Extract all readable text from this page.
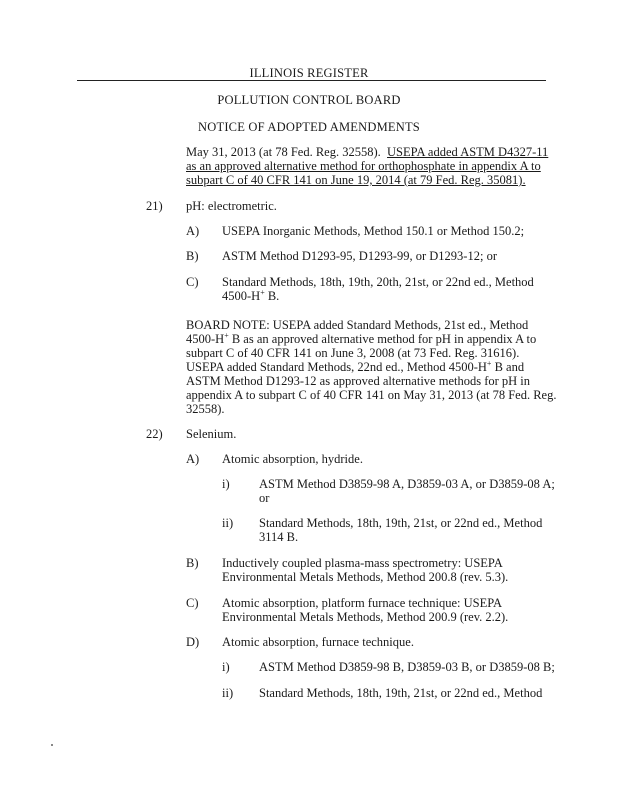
ILLINOIS REGISTER
POLLUTION CONTROL BOARD
NOTICE OF ADOPTED AMENDMENTS
May 31, 2013 (at 78 Fed. Reg. 32558). USEPA added ASTM D4327-11
as an approved alternative method for orthophosphate in appendix A to
subpart C of 40 CFR 141 on June 19, 2014 (at 79 Fed. Reg. 35081).
21) pH: electrometric.
A) USEPA Inorganic Methods, Method 150.1 or Method 150.2;
B) ASTM Method D1293-95, D1293-99, or D1293-12; or
C) Standard Methods, 18th, 19th, 20th, 21st, or 22nd ed., Method
4500-H+ B.
BOARD NOTE: USEPA added Standard Methods, 21st ed., Method
4500-H+ B as an approved alternative method for pH in appendix A to
subpart C of 40 CFR 141 on June 3, 2008 (at 73 Fed. Reg. 31616).
USEPA added Standard Methods, 22nd ed., Method 4500-H+ B and
ASTM Method D1293-12 as approved alternative methods for pH in
appendix A to subpart C of 40 CFR 141 on May 31, 2013 (at 78 Fed. Reg.
32558).
22) Selenium.
A) Atomic absorption, hydride.
i) ASTM Method D3859-98 A, D3859-03 A, or D3859-08 A;
or
ii) Standard Methods, 18th, 19th, 21st, or 22nd ed., Method
3114 B.
B) Inductively coupled plasma-mass spectrometry: USEPA
Environmental Metals Methods, Method 200.8 (rev. 5.3).
C) Atomic absorption, platform furnace technique: USEPA
Environmental Metals Methods, Method 200.9 (rev. 2.2).
D) Atomic absorption, furnace technique.
i) ASTM Method D3859-98 B, D3859-03 B, or D3859-08 B;
ii) Standard Methods, 18th, 19th, 21st, or 22nd ed., Method
